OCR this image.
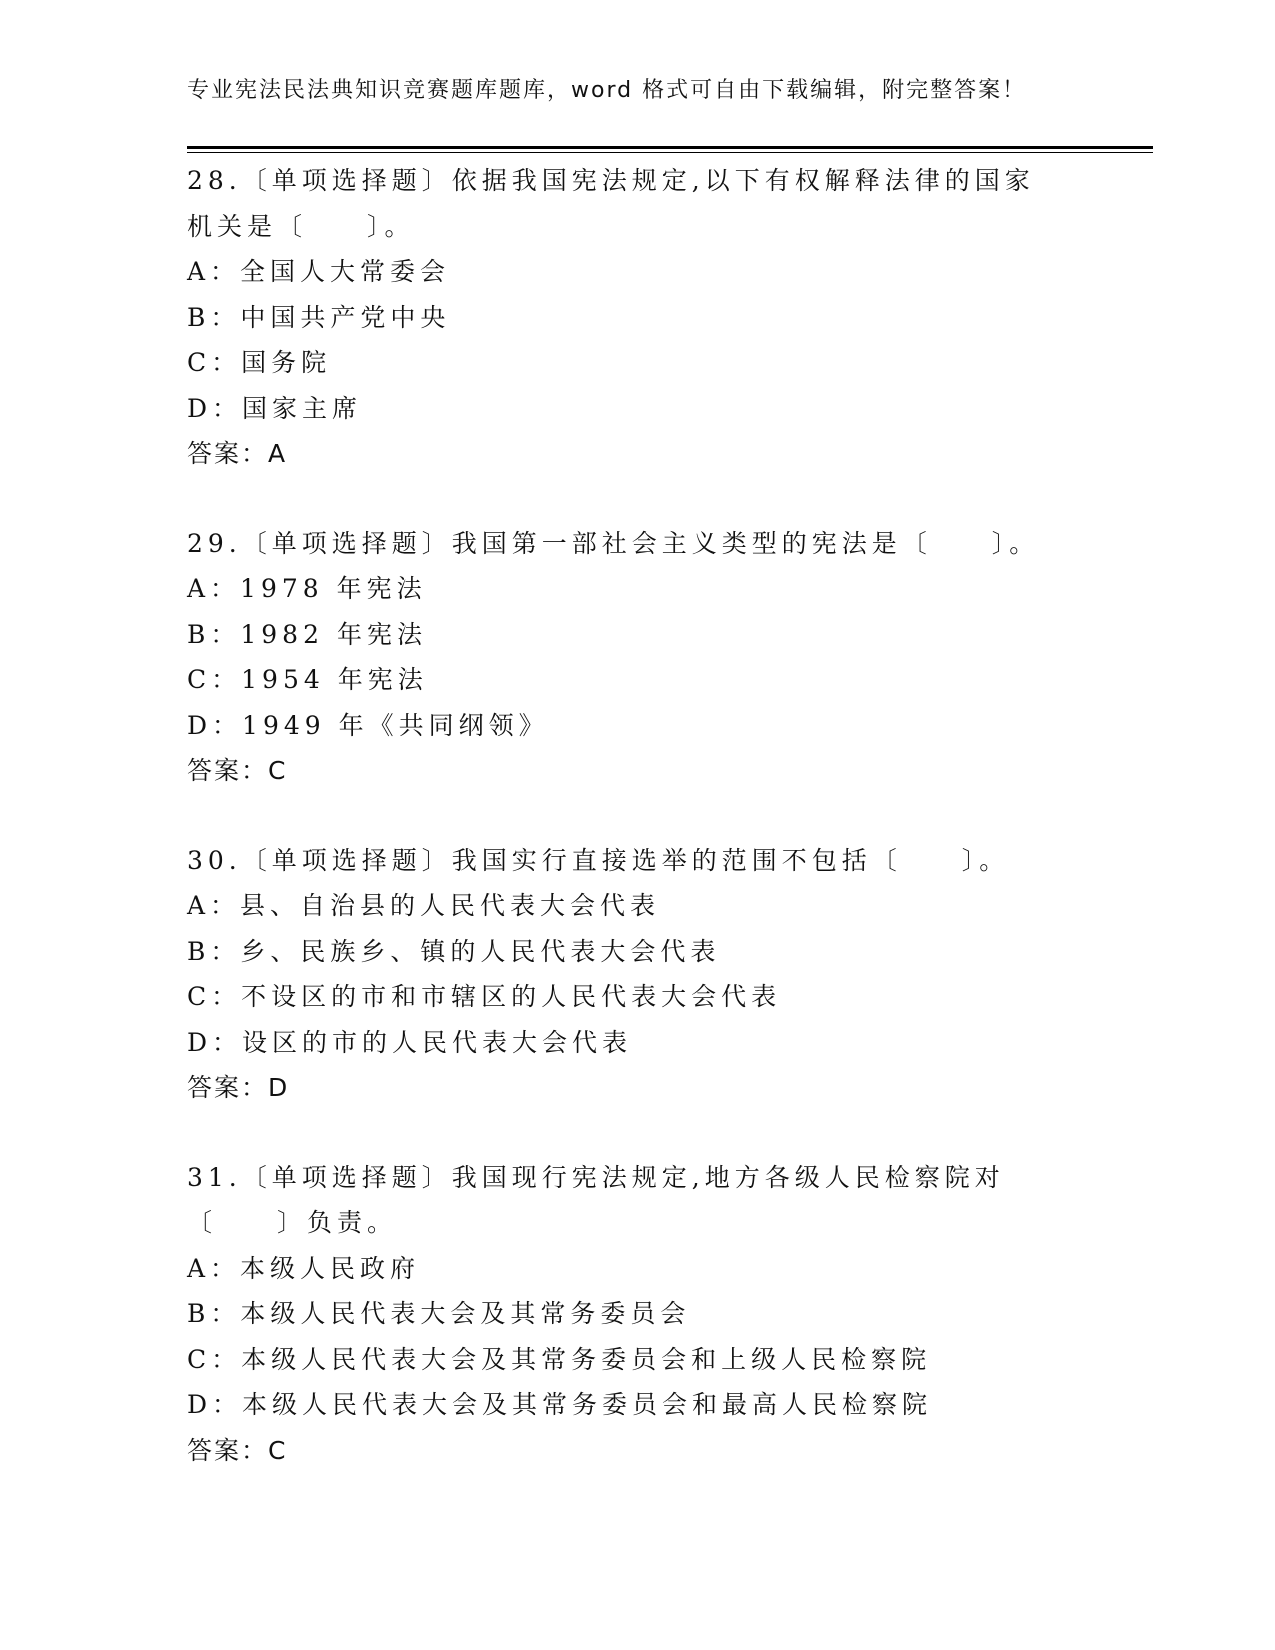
专业宪法民法典知识竞赛题库题库，word 格式可自由下载编辑，附完整答案！
28.〔单项选择题〕依据我国宪法规定,以下有权解释法律的国家机关是〔　　〕。
A：全国人大常委会
B：中国共产党中央
C：国务院
D：国家主席
答案：A
29.〔单项选择题〕我国第一部社会主义类型的宪法是〔　　〕。
A：1978 年宪法
B：1982 年宪法
C：1954 年宪法
D：1949 年《共同纲领》
答案：C
30.〔单项选择题〕我国实行直接选举的范围不包括〔　　〕。
A：县、自治县的人民代表大会代表
B：乡、民族乡、镇的人民代表大会代表
C：不设区的市和市辖区的人民代表大会代表
D：设区的市的人民代表大会代表
答案：D
31.〔单项选择题〕我国现行宪法规定,地方各级人民检察院对〔　　〕负责。
A：本级人民政府
B：本级人民代表大会及其常务委员会
C：本级人民代表大会及其常务委员会和上级人民检察院
D：本级人民代表大会及其常务委员会和最高人民检察院
答案：C
